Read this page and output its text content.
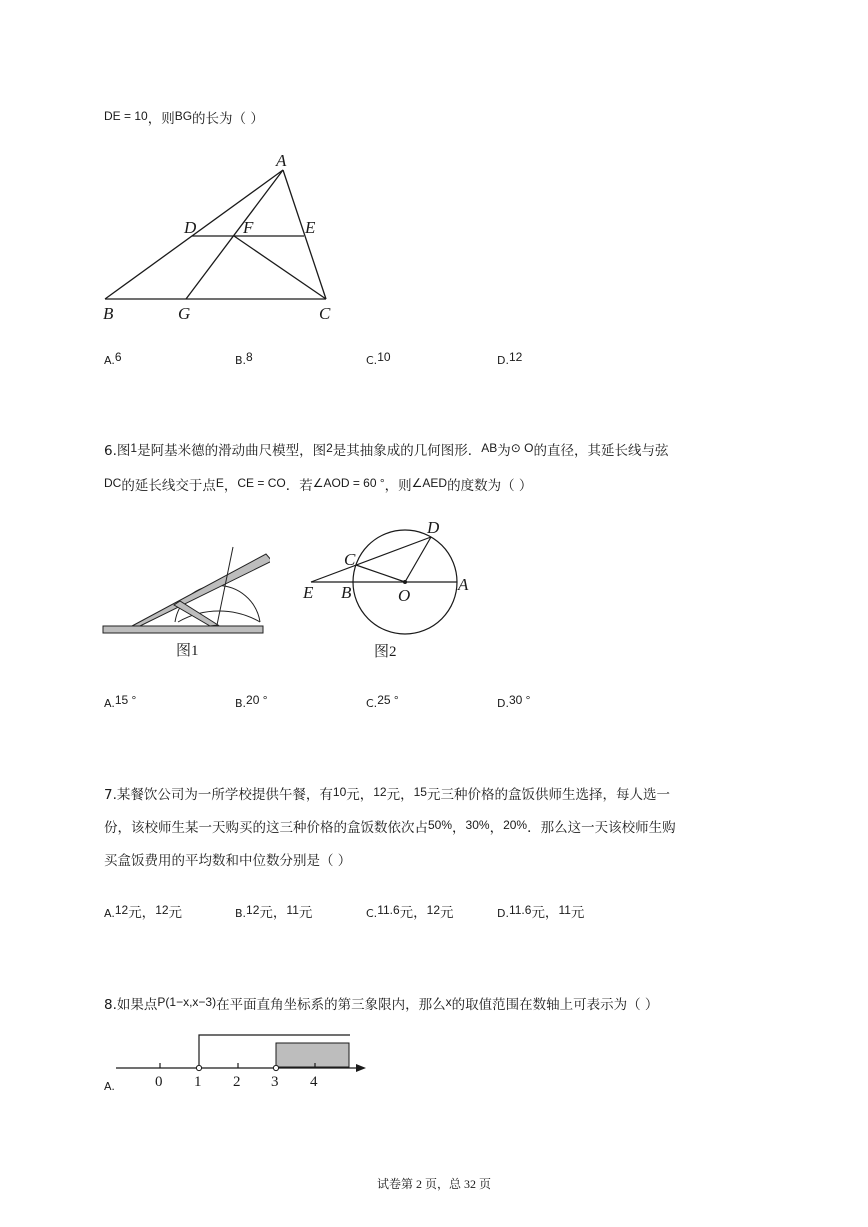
DE = 10，则BG的长为（ ）
A
D	F	E
B	G	C
A.6	B.8	C.10	D.12
6.图1是阿基米德的滑动曲尺模型，图2是其抽象成的几何图形．AB为⊙ O的直径，其延长线与弦
DC的延长线交于点E，CE = CO．若∠AOD = 60 °，则∠AED的度数为（ ）
图1
D
C
E B	O
A
图2
A.15 °	B.20 °	C.25 °	D.30 °
7.某餐饮公司为一所学校提供午餐，有10元，12元，15元三种价格的盒饭供师生选择，每人选一
份，该校师生某一天购买的这三种价格的盒饭数依次占50%，30%，20%．那么这一天该校师生购
买盒饭费用的平均数和中位数分别是（ ）
A.12元，12元	B.12元，11元	C.11.6元，12元	D.11.6元，11元
8.如果点P(1−x,x−3)在平面直角坐标系的第三象限内，那么x的取值范围在数轴上可表示为（ ）
A.	0 1 2 3 4
试卷第 2 页，总 32 页
